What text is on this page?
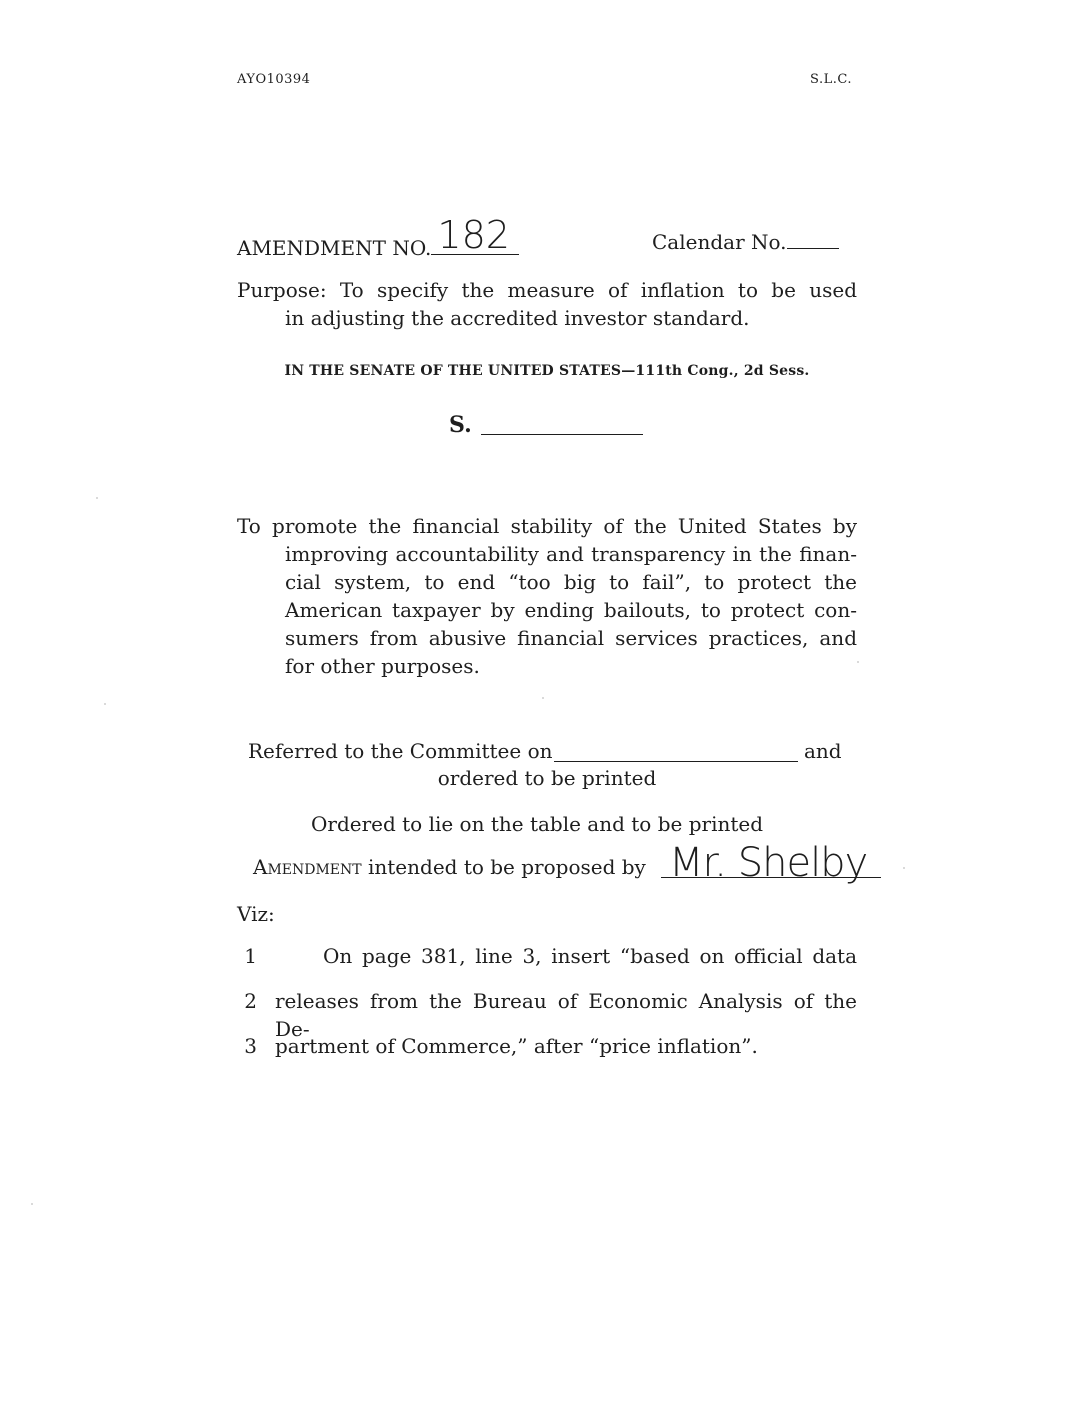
AYO10394	S.L.C.
AMENDMENT NO. 182	Calendar No.
Purpose: To specify the measure of inflation to be used
in adjusting the accredited investor standard.
IN THE SENATE OF THE UNITED STATES—111th Cong., 2d Sess.
S.
To promote the financial stability of the United States by
improving accountability and transparency in the finan-
cial system, to end “too big to fail”, to protect the
American taxpayer by ending bailouts, to protect con-
sumers from abusive financial services practices, and
for other purposes.
Referred to the Committee on	and
ordered to be printed
Ordered to lie on the table and to be printed
Amendment intended to be proposed by Mr. Shelby
Viz:
1	On page 381, line 3, insert “based on official data
2 releases from the Bureau of Economic Analysis of the De-
3 partment of Commerce,” after “price inflation”.
